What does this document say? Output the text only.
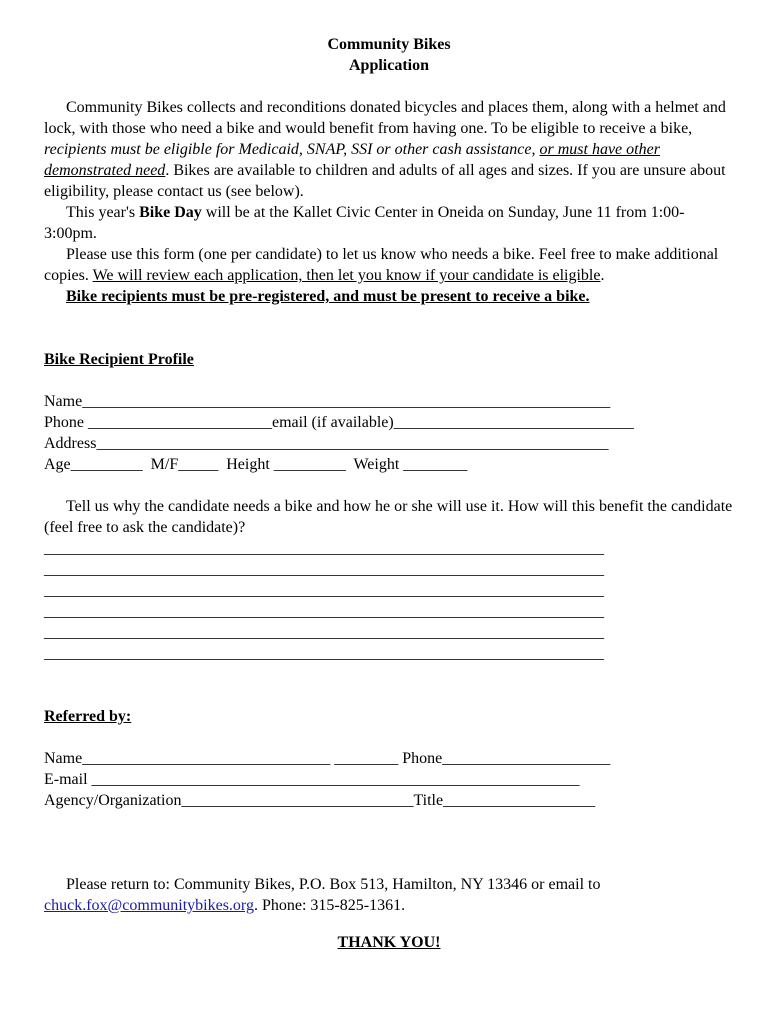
Community Bikes
Application

Community Bikes collects and reconditions donated bicycles and places them, along with a helmet and lock, with those who need a bike and would benefit from having one. To be eligible to receive a bike, recipients must be eligible for Medicaid, SNAP, SSI or other cash assistance, or must have other demonstrated need. Bikes are available to children and adults of all ages and sizes. If you are unsure about eligibility, please contact us (see below).

This year's Bike Day will be at the Kallet Civic Center in Oneida on Sunday, June 11 from 1:00-3:00pm.

Please use this form (one per candidate) to let us know who needs a bike. Feel free to make additional copies. We will review each application, then let you know if your candidate is eligible.

Bike recipients must be pre-registered, and must be present to receive a bike.

Bike Recipient Profile
Name__________________________________________________________________
Phone _______________________email (if available)______________________________
Address________________________________________________________________
Age_________  M/F_____  Height _________  Weight ________

Tell us why the candidate needs a bike and how he or she will use it. How will this benefit the candidate (feel free to ask the candidate)?

______________________________________________________________________
______________________________________________________________________
______________________________________________________________________
______________________________________________________________________
______________________________________________________________________
______________________________________________________________________
Referred by:
Name_______________________________ ________ Phone_____________________
E-mail _____________________________________________________________
Agency/Organization_____________________________Title___________________

Please return to: Community Bikes, P.O. Box 513, Hamilton, NY 13346 or email to
chuck.fox@communitybikes.org. Phone: 315-825-1361.

THANK YOU!
